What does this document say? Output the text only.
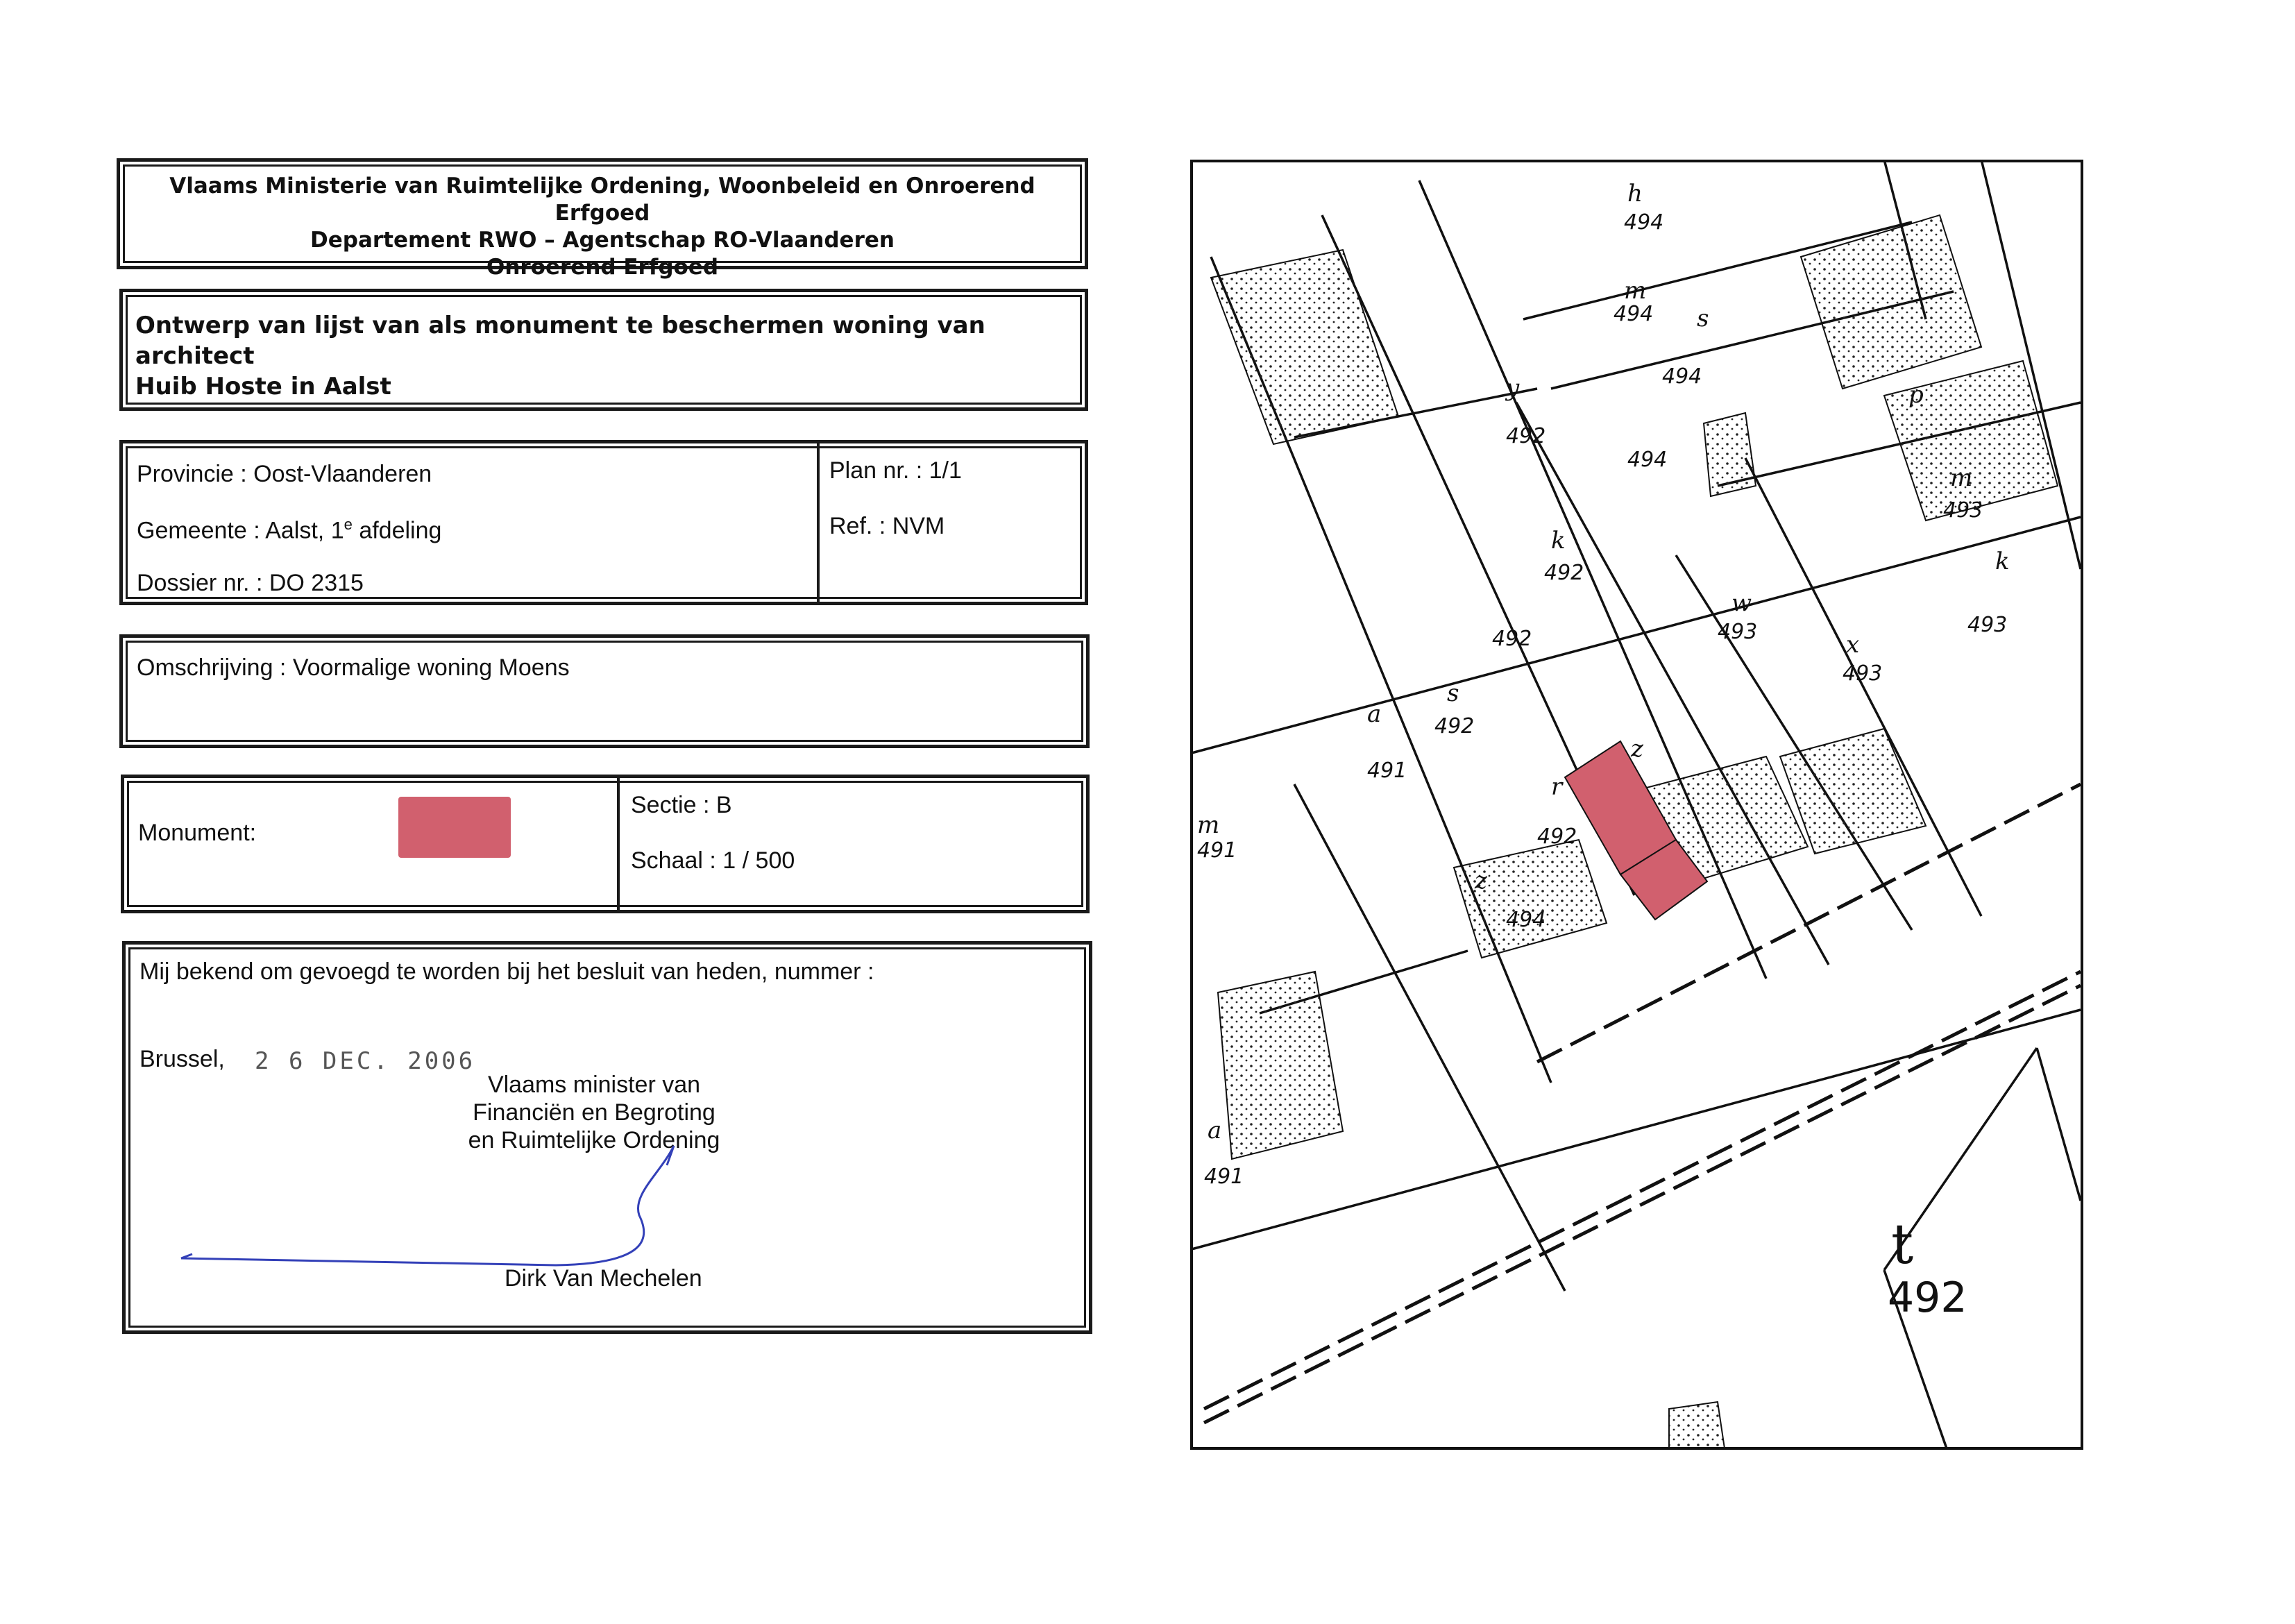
Vlaams Ministerie van Ruimtelijke Ordening, Woonbeleid en Onroerend Erfgoed
Departement RWO – Agentschap RO-Vlaanderen
Onroerend Erfgoed
Ontwerp van lijst van als monument te beschermen woning van architect
Huib Hoste in Aalst
Provincie : Oost-Vlaanderen
Gemeente : Aalst, 1e afdeling
Dossier nr. : DO 2315
Plan nr. : 1/1
Ref. : NVM
Omschrijving : Voormalige woning Moens
Monument:
Sectie : B
Schaal : 1 / 500
Mij bekend om gevoegd te worden bij het besluit van heden, nummer :
Brussel, 2 6 DEC. 2006
Vlaams minister van
Financiën en Begroting
en Ruimtelijke Ordening
Dirk Van Mechelen
494
494
494
494
494
492
492
492
492
492
491
491
491
493
493
493
493
492
h
m
s
p
y
k
w
m
k
x
a
s
r
z
z
a
t
m
